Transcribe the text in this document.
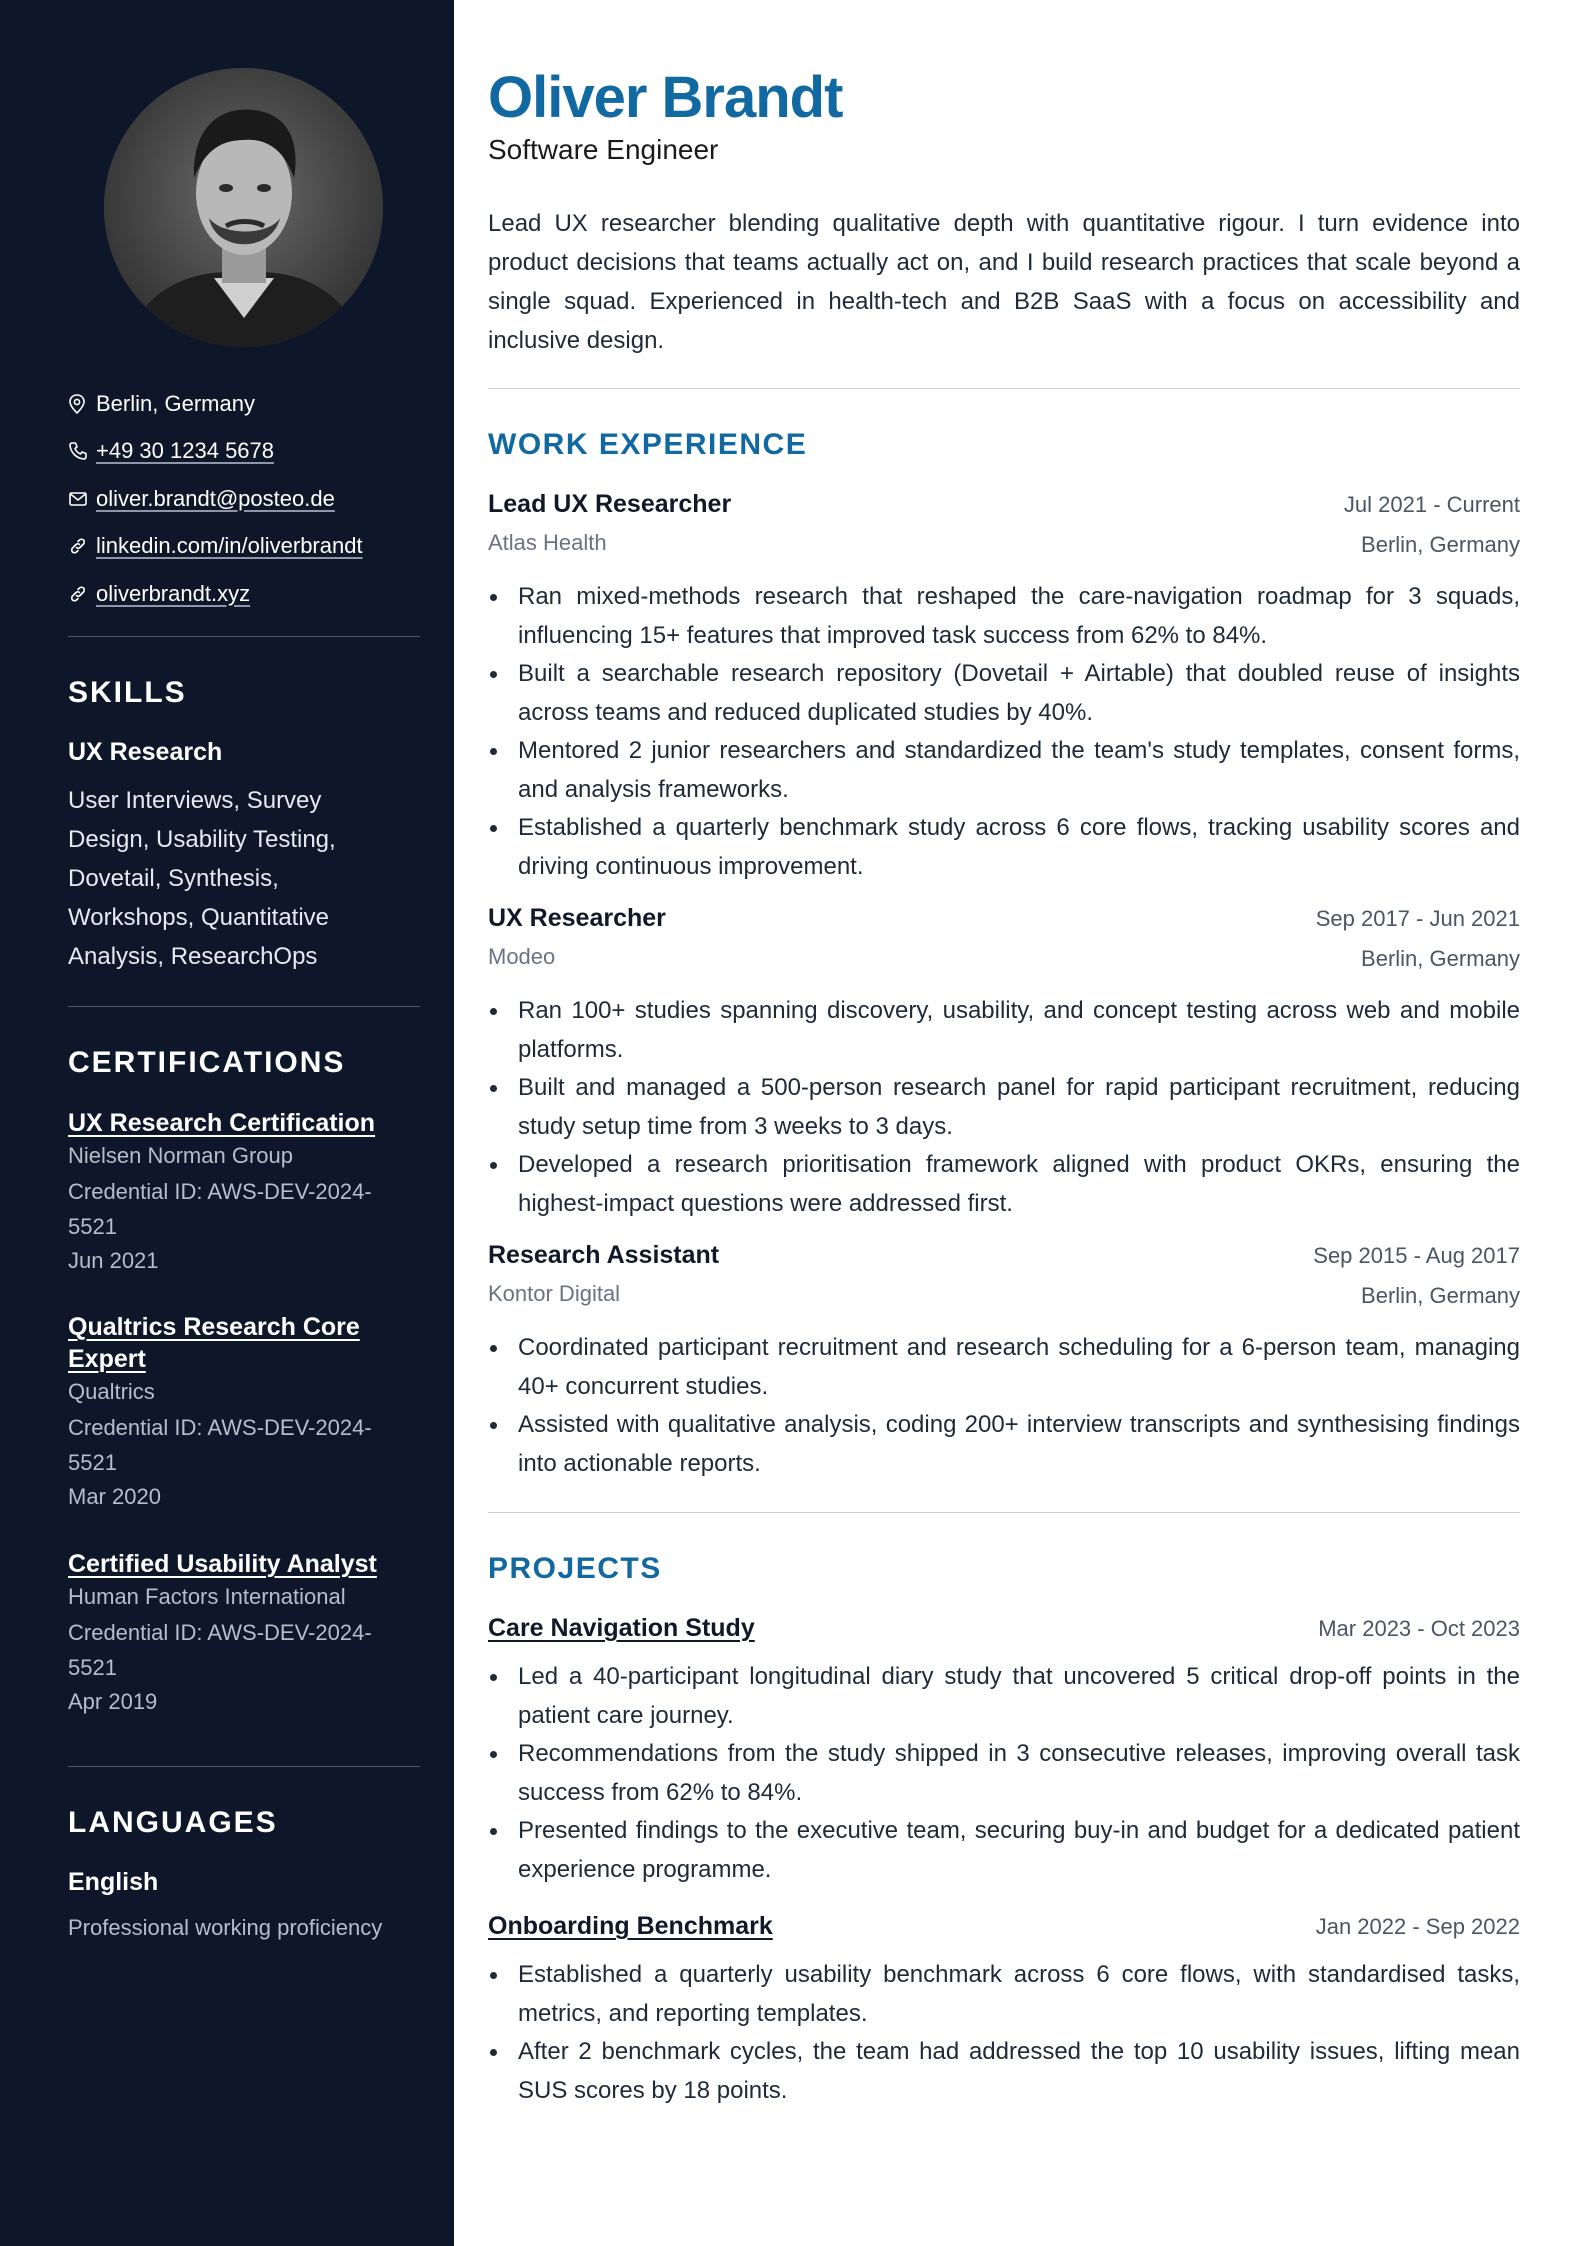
Berlin, Germany
+49 30 1234 5678
oliver.brandt@posteo.de
linkedin.com/in/oliverbrandt
oliverbrandt.xyz
SKILLS
UX Research
User Interviews, Survey Design, Usability Testing, Dovetail, Synthesis, Workshops, Quantitative Analysis, ResearchOps
CERTIFICATIONS
UX Research Certification
Nielsen Norman Group
Credential ID: AWS-DEV-2024-5521
Jun 2021
Qualtrics Research Core Expert
Qualtrics
Credential ID: AWS-DEV-2024-5521
Mar 2020
Certified Usability Analyst
Human Factors International
Credential ID: AWS-DEV-2024-5521
Apr 2019
LANGUAGES
English
Professional working proficiency
Oliver Brandt
Software Engineer
Lead UX researcher blending qualitative depth with quantitative rigour. I turn evidence into product decisions that teams actually act on, and I build research practices that scale beyond a single squad. Experienced in health-tech and B2B SaaS with a focus on accessibility and inclusive design.
WORK EXPERIENCE
Lead UX Researcher	Jul 2021 - Current
Atlas Health	Berlin, Germany
Ran mixed-methods research that reshaped the care-navigation roadmap for 3 squads, influencing 15+ features that improved task success from 62% to 84%.
Built a searchable research repository (Dovetail + Airtable) that doubled reuse of insights across teams and reduced duplicated studies by 40%.
Mentored 2 junior researchers and standardized the team's study templates, consent forms, and analysis frameworks.
Established a quarterly benchmark study across 6 core flows, tracking usability scores and driving continuous improvement.
UX Researcher	Sep 2017 - Jun 2021
Modeo	Berlin, Germany
Ran 100+ studies spanning discovery, usability, and concept testing across web and mobile platforms.
Built and managed a 500-person research panel for rapid participant recruitment, reducing study setup time from 3 weeks to 3 days.
Developed a research prioritisation framework aligned with product OKRs, ensuring the highest-impact questions were addressed first.
Research Assistant	Sep 2015 - Aug 2017
Kontor Digital	Berlin, Germany
Coordinated participant recruitment and research scheduling for a 6-person team, managing 40+ concurrent studies.
Assisted with qualitative analysis, coding 200+ interview transcripts and synthesising findings into actionable reports.
PROJECTS
Care Navigation Study	Mar 2023 - Oct 2023
Led a 40-participant longitudinal diary study that uncovered 5 critical drop-off points in the patient care journey.
Recommendations from the study shipped in 3 consecutive releases, improving overall task success from 62% to 84%.
Presented findings to the executive team, securing buy-in and budget for a dedicated patient experience programme.
Onboarding Benchmark	Jan 2022 - Sep 2022
Established a quarterly usability benchmark across 6 core flows, with standardised tasks, metrics, and reporting templates.
After 2 benchmark cycles, the team had addressed the top 10 usability issues, lifting mean SUS scores by 18 points.
